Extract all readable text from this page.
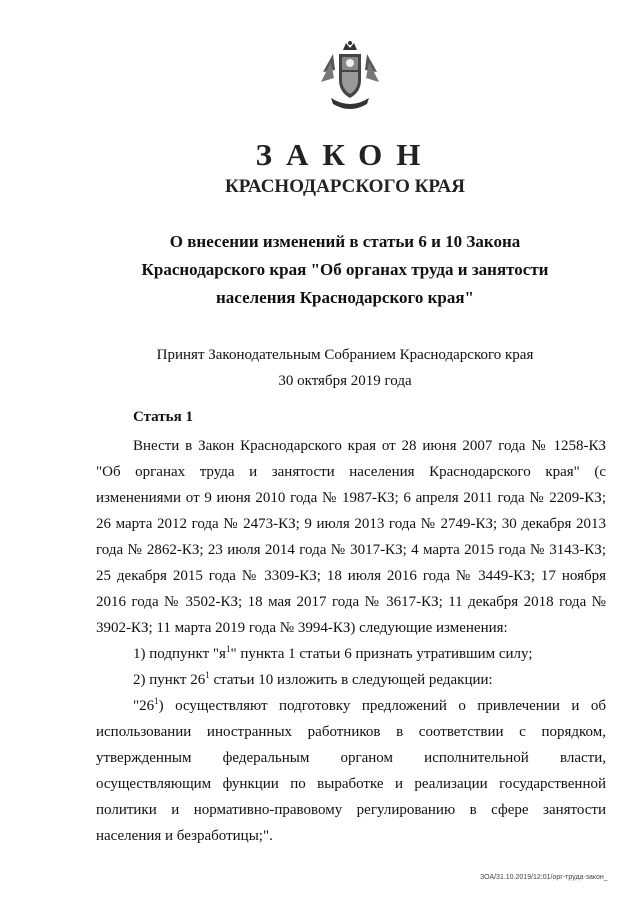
ЗАКОН
КРАСНОДАРСКОГО КРАЯ
О внесении изменений в статьи 6 и 10 Закона
Краснодарского края "Об органах труда и занятости
населения Краснодарского края"
Принят Законодательным Собранием Краснодарского края
30 октября 2019 года
Статья 1

Внести в Закон Краснодарского края от 28 июня 2007 года № 1258-КЗ "Об органах труда и занятости населения Краснодарского края" (с изменениями от 9 июня 2010 года № 1987-КЗ; 6 апреля 2011 года № 2209-КЗ; 26 марта 2012 года № 2473-КЗ; 9 июля 2013 года № 2749-КЗ; 30 декабря 2013 года № 2862-КЗ; 23 июля 2014 года № 3017-КЗ; 4 марта 2015 года № 3143-КЗ; 25 декабря 2015 года № 3309-КЗ; 18 июля 2016 года № 3449-КЗ; 17 ноября 2016 года № 3502-КЗ; 18 мая 2017 года № 3617-КЗ; 11 декабря 2018 года № 3902-КЗ; 11 марта 2019 года № 3994-КЗ) следующие изменения:

1) подпункт "$я^1$" пункта 1 статьи 6 признать утратившим силу;

2) пункт $26^1$ статьи 10 изложить в следующей редакции:

"$26^1$) осуществляют подготовку предложений о привлечении и об использовании иностранных работников в соответствии с порядком, утвержденным федеральным органом исполнительной власти, осуществляющим функции по выработке и реализации государственной политики и нормативно-правовому регулированию в сфере занятости населения и безработицы;".

ЗОА/31.10.2019/12:01/орг-труда-закон_
